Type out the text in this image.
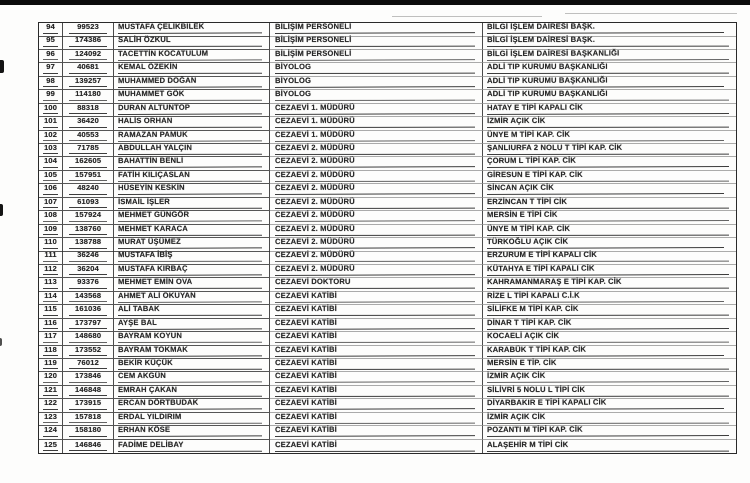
94	99523	MUSTAFA ÇELİKBİLEK	BİLİŞİM PERSONELİ	BİLGİ İŞLEM DAİRESİ BAŞK.
95	174386	SALİH ÖZKUL	BİLİŞİM PERSONELİ	BİLGİ İŞLEM DAİRESİ BAŞK.
96	124092	TACETTİN KOCATULUM	BİLİŞİM PERSONELİ	BİLGİ İŞLEM DAİRESİ BAŞKANLIĞI
97	40681	KEMAL ÖZEKİN	BİYOLOG	ADLİ TIP KURUMU BAŞKANLIĞI
98	139257	MUHAMMED DOĞAN	BİYOLOG	ADLİ TIP KURUMU BAŞKANLIĞI
99	114180	MUHAMMET GÖK	BİYOLOG	ADLİ TIP KURUMU BAŞKANLIĞI
100	88318	DURAN ALTUNTOP	CEZAEVİ 1. MÜDÜRÜ	HATAY E TİPİ KAPALI CİK
101	36420	HALİS ORHAN	CEZAEVİ 1. MÜDÜRÜ	İZMİR AÇIK CİK
102	40553	RAMAZAN PAMUK	CEZAEVİ 1. MÜDÜRÜ	ÜNYE M TİPİ KAP. CİK
103	71785	ABDULLAH YALÇIN	CEZAEVİ 2. MÜDÜRÜ	ŞANLIURFA 2 NOLU T TİPİ KAP. CİK
104	162605	BAHATTİN BENLİ	CEZAEVİ 2. MÜDÜRÜ	ÇORUM L TİPİ KAP. CİK
105	157951	FATİH KILIÇASLAN	CEZAEVİ 2. MÜDÜRÜ	GİRESUN E TİPİ KAP. CİK
106	48240	HÜSEYİN KESKİN	CEZAEVİ 2. MÜDÜRÜ	SİNCAN AÇIK CİK
107	61093	İSMAİL İŞLER	CEZAEVİ 2. MÜDÜRÜ	ERZİNCAN T TİPİ CİK
108	157924	MEHMET GÜNGÖR	CEZAEVİ 2. MÜDÜRÜ	MERSİN E TİPİ CİK
109	138760	MEHMET KARACA	CEZAEVİ 2. MÜDÜRÜ	ÜNYE M TİPİ KAP. CİK
110	138788	MURAT ÜŞÜMEZ	CEZAEVİ 2. MÜDÜRÜ	TÜRKOĞLU AÇIK CİK
111	36246	MUSTAFA İBİŞ	CEZAEVİ 2. MÜDÜRÜ	ERZURUM E TİPİ KAPALI CİK
112	36204	MUSTAFA KIRBAÇ	CEZAEVİ 2. MÜDÜRÜ	KÜTAHYA E TİPİ KAPALI CİK
113	93376	MEHMET EMİN OVA	CEZAEVİ DOKTORU	KAHRAMANMARAŞ E TİPİ KAP. CİK
114	143568	AHMET ALİ OKUYAN	CEZAEVİ KATİBİ	RİZE L TİPİ KAPALI C.İ.K
115	161036	ALİ TABAK	CEZAEVİ KATİBİ	SİLİFKE M TİPİ KAP. CİK
116	173797	AYŞE BAL	CEZAEVİ KATİBİ	DİNAR T TİPİ KAP. CİK
117	148680	BAYRAM KOYUN	CEZAEVİ KATİBİ	KOCAELİ AÇIK CİK
118	173552	BAYRAM TOKMAK	CEZAEVİ KATİBİ	KARABÜK T TİPİ KAP. CİK
119	76012	BEKİR KÜÇÜK	CEZAEVİ KATİBİ	MERSİN E TİP. CİK
120	173846	CEM AKGÜN	CEZAEVİ KATİBİ	İZMİR AÇIK CİK
121	146848	EMRAH ÇAKAN	CEZAEVİ KATİBİ	SİLİVRİ 5 NOLU L TİPİ CİK
122	173915	ERCAN DÖRTBUDAK	CEZAEVİ KATİBİ	DİYARBAKIR E TİPİ KAPALI CİK
123	157818	ERDAL YILDIRIM	CEZAEVİ KATİBİ	İZMİR AÇIK CİK
124	158180	ERHAN KÖSE	CEZAEVİ KATİBİ	POZANTI M TİPİ KAP. CİK
125	146846	FADİME DELİBAY	CEZAEVİ KATİBİ	ALAŞEHİR M TİPİ CİK
